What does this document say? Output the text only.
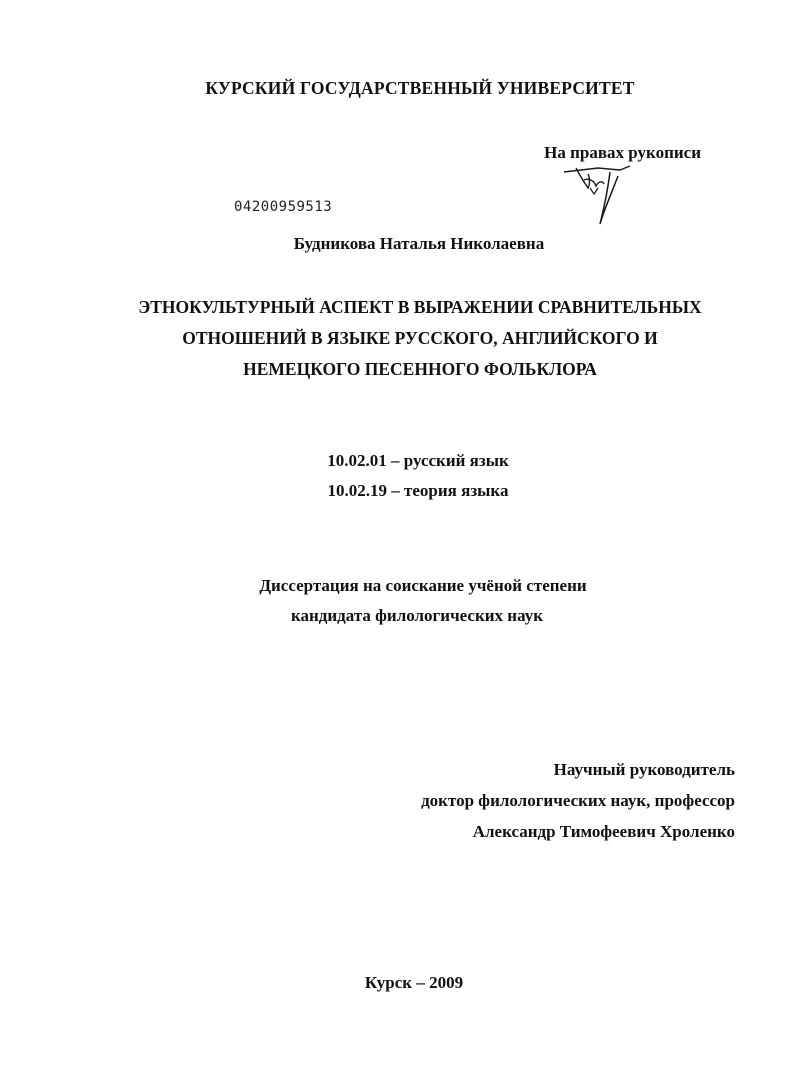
КУРСКИЙ ГОСУДАРСТВЕННЫЙ УНИВЕРСИТЕТ
На правах рукописи
04200959513
Будникова Наталья Николаевна
ЭТНОКУЛЬТУРНЫЙ АСПЕКТ В ВЫРАЖЕНИИ СРАВНИТЕЛЬНЫХ
ОТНОШЕНИЙ В ЯЗЫКЕ РУССКОГО, АНГЛИЙСКОГО И
НЕМЕЦКОГО ПЕСЕННОГО ФОЛЬКЛОРА
10.02.01 – русский язык
10.02.19 – теория языка
Диссертация на соискание учёной степени
кандидата филологических наук
Научный руководитель
доктор филологических наук, профессор
Александр Тимофеевич Хроленко
Курск – 2009
